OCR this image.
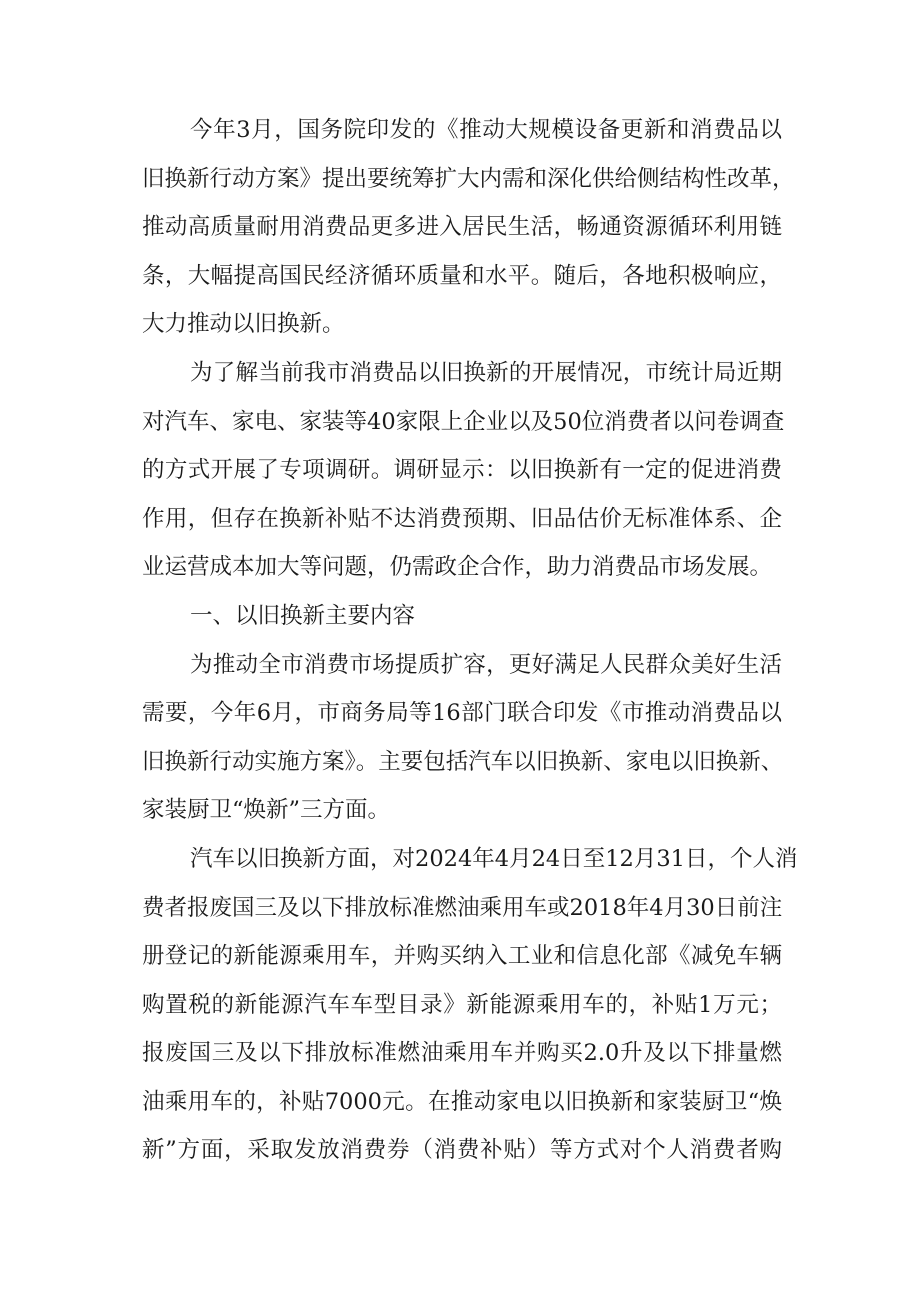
今年3月，国务院印发的《推动大规模设备更新和消费品以
旧换新行动方案》提出要统筹扩大内需和深化供给侧结构性改革，
推动高质量耐用消费品更多进入居民生活，畅通资源循环利用链
条，大幅提高国民经济循环质量和水平。随后，各地积极响应，
大力推动以旧换新。
为了解当前我市消费品以旧换新的开展情况，市统计局近期
对汽车、家电、家装等40家限上企业以及50位消费者以问卷调查
的方式开展了专项调研。调研显示：以旧换新有一定的促进消费
作用，但存在换新补贴不达消费预期、旧品估价无标准体系、企
业运营成本加大等问题，仍需政企合作，助力消费品市场发展。
一、以旧换新主要内容
为推动全市消费市场提质扩容，更好满足人民群众美好生活
需要，今年6月，市商务局等16部门联合印发《市推动消费品以
旧换新行动实施方案》。主要包括汽车以旧换新、家电以旧换新、
家装厨卫“焕新”三方面。
汽车以旧换新方面，对2024年4月24日至12月31日，个人消
费者报废国三及以下排放标准燃油乘用车或2018年4月30日前注
册登记的新能源乘用车，并购买纳入工业和信息化部《减免车辆
购置税的新能源汽车车型目录》新能源乘用车的，补贴1万元；
报废国三及以下排放标准燃油乘用车并购买2.0升及以下排量燃
油乘用车的，补贴7000元。在推动家电以旧换新和家装厨卫“焕
新”方面，采取发放消费券（消费补贴）等方式对个人消费者购
